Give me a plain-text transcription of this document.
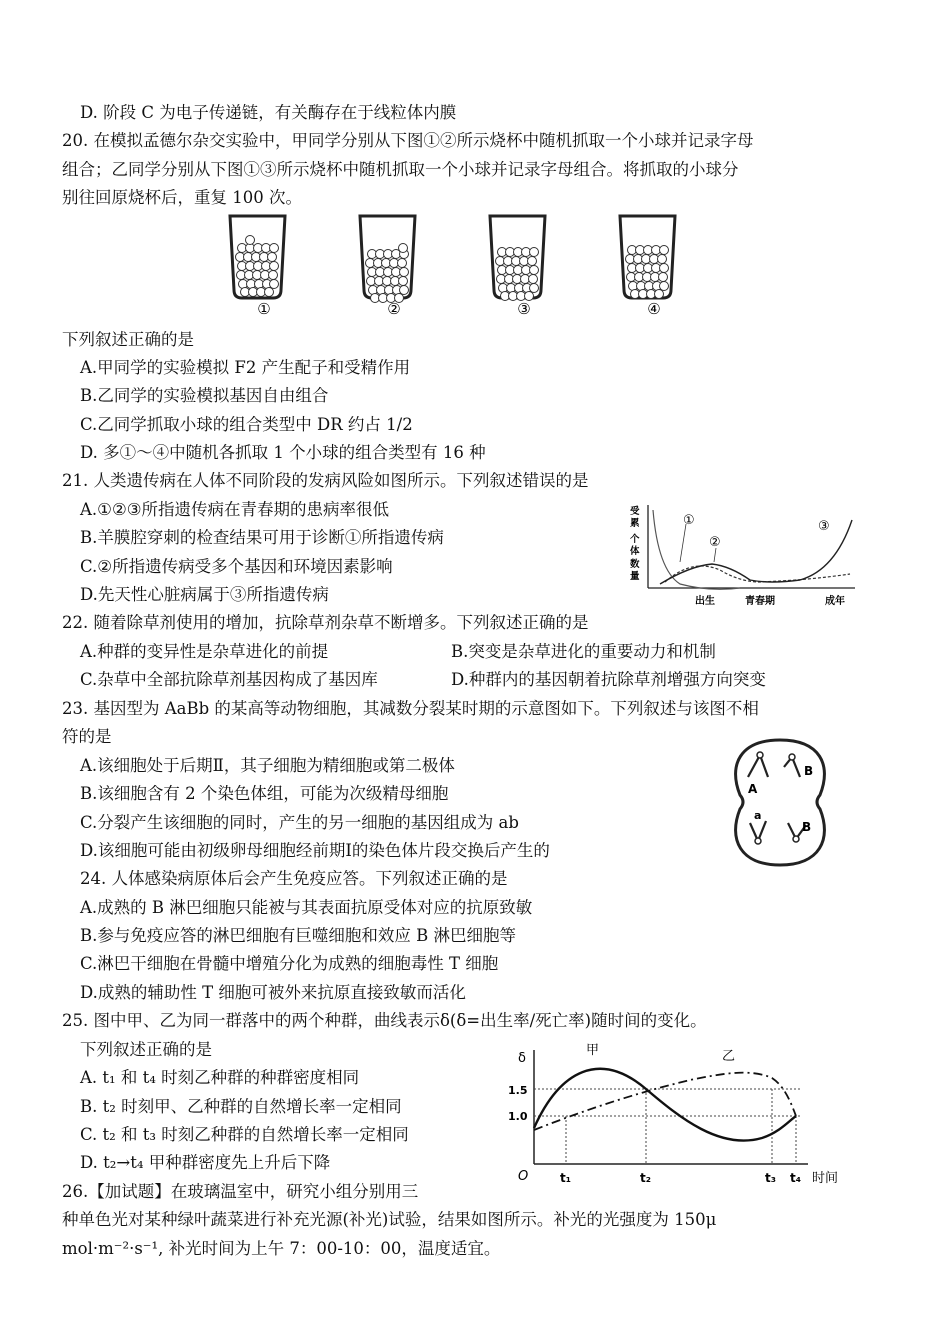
D. 阶段 C 为电子传递链，有关酶存在于线粒体内膜
20. 在模拟孟德尔杂交实验中，甲同学分别从下图①②所示烧杯中随机抓取一个小球并记录字母
组合；乙同学分别从下图①③所示烧杯中随机抓取一个小球并记录字母组合。将抓取的小球分
别往回原烧杯后，重复 100 次。
①	②	③	④
下列叙述正确的是
A.甲同学的实验模拟 F2 产生配子和受精作用
B.乙同学的实验模拟基因自由组合
C.乙同学抓取小球的组合类型中 DR 约占 1/2
D. 多①～④中随机各抓取 1 个小球的组合类型有 16 种
21. 人类遗传病在人体不同阶段的发病风险如图所示。下列叙述错误的是
A.①②③所指遗传病在青春期的患病率很低
B.羊膜腔穿刺的检查结果可用于诊断①所指遗传病
C.②所指遗传病受多个基因和环境因素影响
D.先天性心脏病属于③所指遗传病
受
累
个
体
数
量
①
②
③
出生	青春期	成年
22. 随着除草剂使用的增加，抗除草剂杂草不断增多。下列叙述正确的是
A.种群的变异性是杂草进化的前提	B.突变是杂草进化的重要动力和机制
C.杂草中全部抗除草剂基因构成了基因库	D.种群内的基因朝着抗除草剂增强方向突变
23. 基因型为 AaBb 的某高等动物细胞，其减数分裂某时期的示意图如下。下列叙述与该图不相
符的是
A.该细胞处于后期Ⅱ，其子细胞为精细胞或第二极体
B.该细胞含有 2 个染色体组，可能为次级精母细胞
C.分裂产生该细胞的同时，产生的另一细胞的基因组成为 ab
D.该细胞可能由初级卵母细胞经前期Ⅰ的染色体片段交换后产生的
A
B
a
B
24. 人体感染病原体后会产生免疫应答。下列叙述正确的是
A.成熟的 B 淋巴细胞只能被与其表面抗原受体对应的抗原致敏
B.参与免疫应答的淋巴细胞有巨噬细胞和效应 B 淋巴细胞等
C.淋巴干细胞在骨髓中增殖分化为成熟的细胞毒性 T 细胞
D.成熟的辅助性 T 细胞可被外来抗原直接致敏而活化
25. 图中甲、乙为同一群落中的两个种群，曲线表示δ(δ=出生率/死亡率)随时间的变化。
下列叙述正确的是
A. t₁ 和 t₄ 时刻乙种群的种群密度相同
B. t₂ 时刻甲、乙种群的自然增长率一定相同
C. t₂ 和 t₃ 时刻乙种群的自然增长率一定相同
D. t₂→t₄ 甲种群密度先上升后下降
δ
1.5
1.0
甲	乙
O	t₁	t₂	t₃ t₄ 时间
26.【加试题】在玻璃温室中，研究小组分别用三
种单色光对某种绿叶蔬菜进行补充光源(补光)试验，结果如图所示。补光的光强度为 150μ
mol·m⁻²·s⁻¹, 补光时间为上午 7：00-10：00，温度适宜。
